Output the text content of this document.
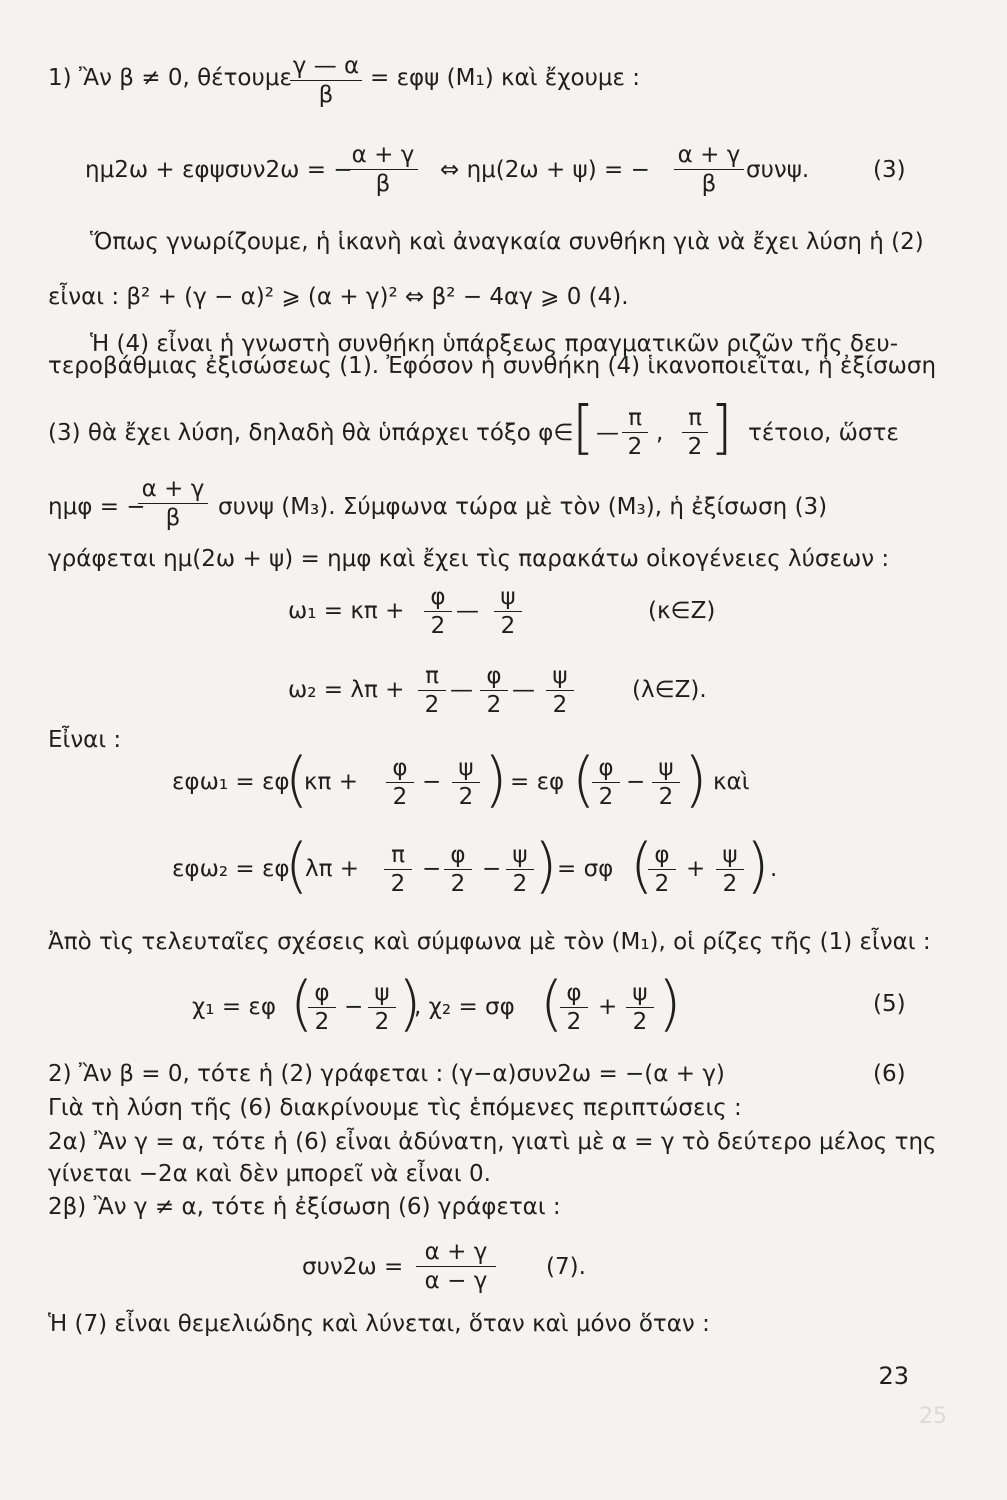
1) Ἂν β ≠ 0, θέτουμε
$\frac{\gamma — \alpha}{\beta} = \varepsilon\varphi\psi$ (M₁) καὶ ἔχουμε :
ημ2ω + εφψσυν2ω = −
$\frac{\alpha + \gamma}{\beta}$ ⇔ ημ(2ω + ψ) = − $\frac{\alpha + \gamma}{\beta} \sigma\upsilon\nu\psi$.	(3)
Ὅπως γνωρίζουμε, ἡ ἱκανὴ καὶ ἀναγκαία συνθήκη γιὰ νὰ ἔχει λύση ἡ (2)
εἶναι : β² + (γ − α)² ⩾ (α + γ)² ⇔ β² − 4αγ ⩾ 0 (4).
Ἡ (4) εἶναι ἡ γνωστὴ συνθήκη ὑπάρξεως πραγματικῶν ριζῶν τῆς δευ-
τεροβάθμιας ἐξισώσεως (1). Ἐφόσον ἡ συνθήκη (4) ἱκανοποιεῖται, ἡ ἐξίσωση
(3) θὰ ἔχει λύση, δηλαδὴ θὰ ὑπάρχει τόξο φ∈
[ — $\frac{\pi}{2}$ , $\frac{\pi}{2}$ ] τέτοιο, ὥστε
ημφ = −
$\frac{\alpha + \gamma}{\beta}$ συνψ (M₃). Σύμφωνα τώρα μὲ τὸν (M₃), ἡ ἐξίσωση (3)
γράφεται ημ(2ω + ψ) = ημφ καὶ ἔχει τὶς παρακάτω οἰκογένειες λύσεων :
$\omega_1 = \kappa\pi + \frac{\varphi}{2}$ — $\frac{\psi}{2}$	(κ∈Z)
$\omega_2 = \lambda\pi + \frac{\pi}{2}$ — $\frac{\varphi}{2}$ — $\frac{\psi}{2}$	(λ∈Z).
Εἶναι :
εφω₁ = εφ
(
$\kappa\pi + \frac{\varphi}{2} - \frac{\psi}{2}$ ) = εφ (
$\frac{\varphi}{2} - \frac{\psi}{2}$ ) καὶ
εφω₂ = εφ
(
$\lambda\pi + \frac{\pi}{2} - \frac{\varphi}{2} - \frac{\psi}{2}$ ) = σφ (
$\frac{\varphi}{2} + \frac{\psi}{2}$ ) .
Ἀπὸ τὶς τελευταῖες σχέσεις καὶ σύμφωνα μὲ τὸν (M₁), οἱ ρίζες τῆς (1) εἶναι :
χ₁ = εφ (
$\frac{\varphi}{2} - \frac{\psi}{2}$ )
, χ₂ = σφ (
$\frac{\varphi}{2} + \frac{\psi}{2}$ )	(5)
2) Ἂν β = 0, τότε ἡ (2) γράφεται : (γ−α)συν2ω = −(α + γ)	(6)
Γιὰ τὴ λύση τῆς (6) διακρίνουμε τὶς ἑπόμενες περιπτώσεις :
2α) Ἂν γ = α, τότε ἡ (6) εἶναι ἀδύνατη, γιατὶ μὲ α = γ τὸ δεύτερο μέλος της
γίνεται −2α καὶ δὲν μπορεῖ νὰ εἶναι 0.
2β) Ἂν γ ≠ α, τότε ἡ ἐξίσωση (6) γράφεται :
$\sigma\upsilon\nu 2\omega = \frac{\alpha + \gamma}{\alpha - \gamma} (7)$.
Ἡ (7) εἶναι θεμελιώδης καὶ λύνεται, ὅταν καὶ μόνο ὅταν :
23
25
